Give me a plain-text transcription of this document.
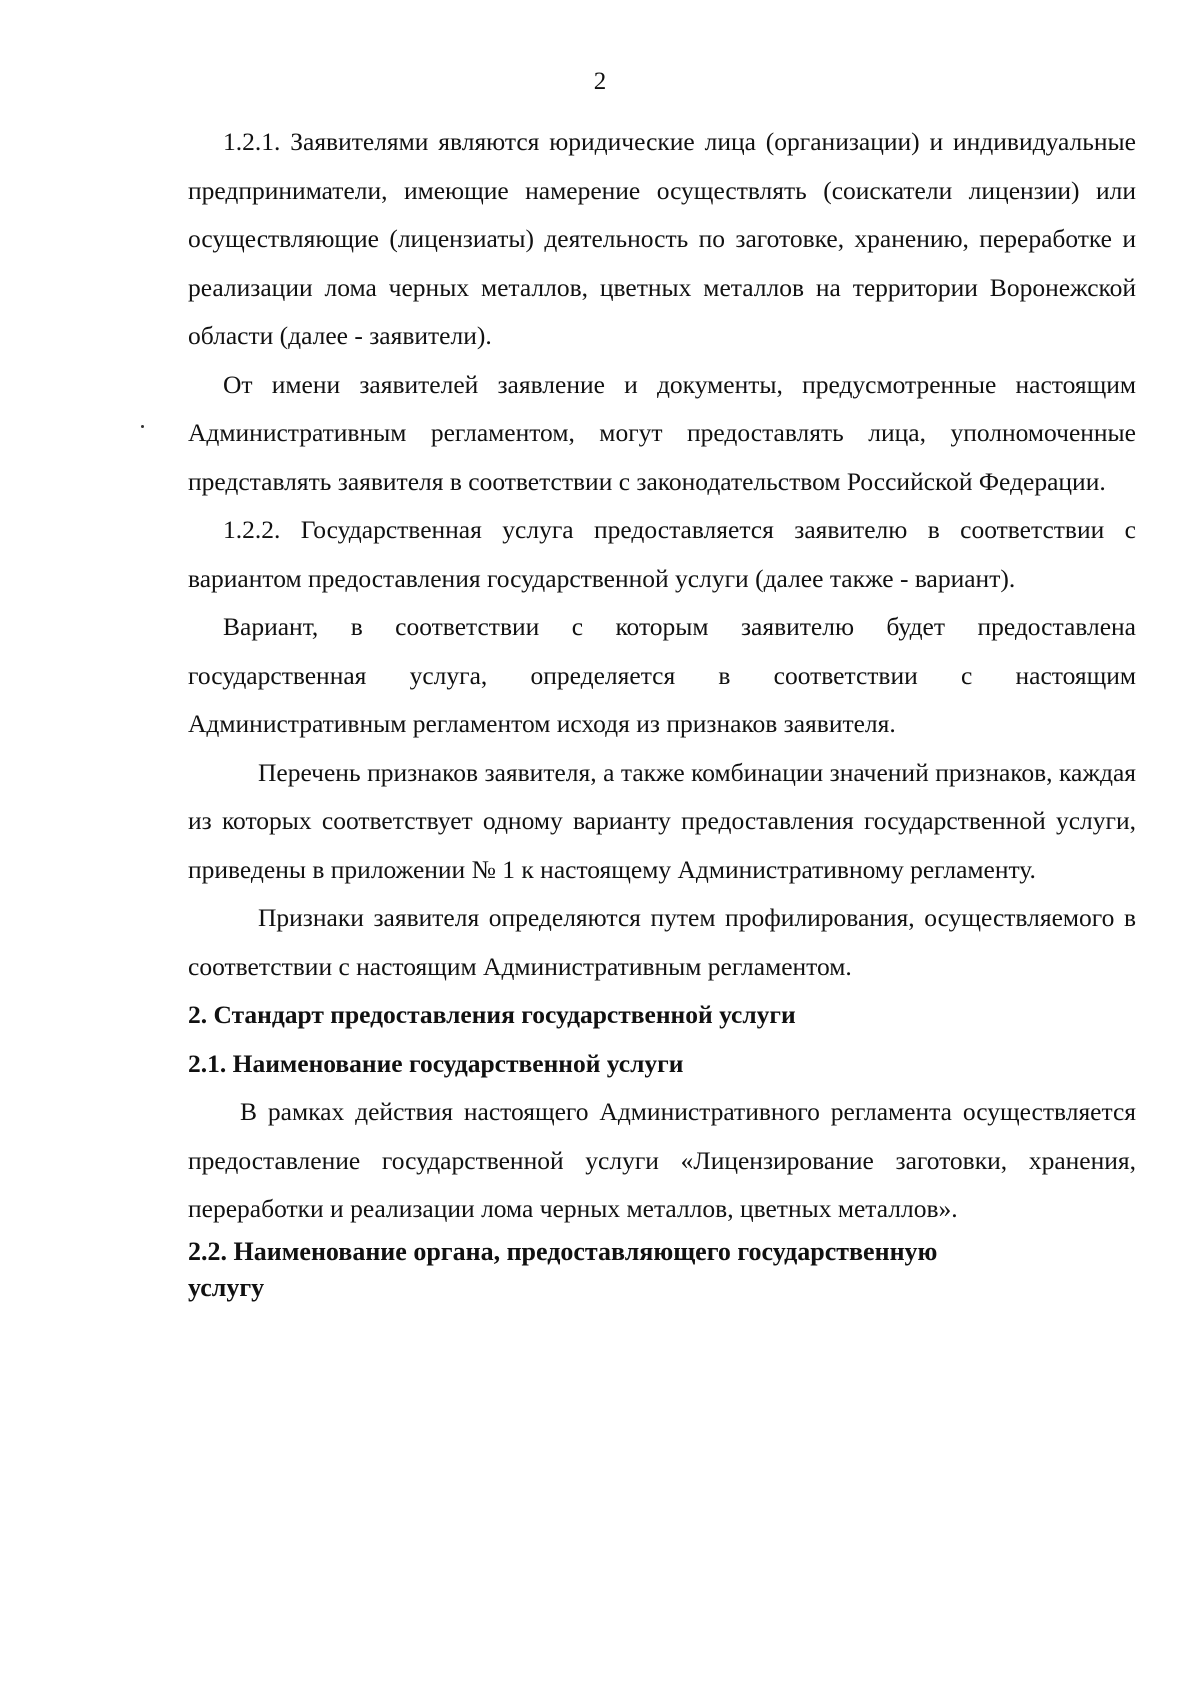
2

1.2.1. Заявителями являются юридические лица (организации) и индивидуальные предприниматели, имеющие намерение осуществлять (соискатели лицензии) или осуществляющие (лицензиаты) деятельность по заготовке, хранению, переработке и реализации лома черных металлов, цветных металлов на территории Воронежской области (далее - заявители).

От имени заявителей заявление и документы, предусмотренные настоящим Административным регламентом, могут предоставлять лица, уполномоченные представлять заявителя в соответствии с законодательством Российской Федерации.

1.2.2. Государственная услуга предоставляется заявителю в соответствии с вариантом предоставления государственной услуги (далее также - вариант).

Вариант, в соответствии с которым заявителю будет предоставлена государственная услуга, определяется в соответствии с настоящим Административным регламентом исходя из признаков заявителя.

Перечень признаков заявителя, а также комбинации значений признаков, каждая из которых соответствует одному варианту предоставления государственной услуги, приведены в приложении № 1 к настоящему Административному регламенту.

Признаки заявителя определяются путем профилирования, осуществляемого в соответствии с настоящим Административным регламентом.

2. Стандарт предоставления государственной услуги

2.1. Наименование государственной услуги

В рамках действия настоящего Административного регламента осуществляется предоставление государственной услуги «Лицензирование заготовки, хранения, переработки и реализации лома черных металлов, цветных металлов».

2.2. Наименование органа, предоставляющего государственную
услугу
